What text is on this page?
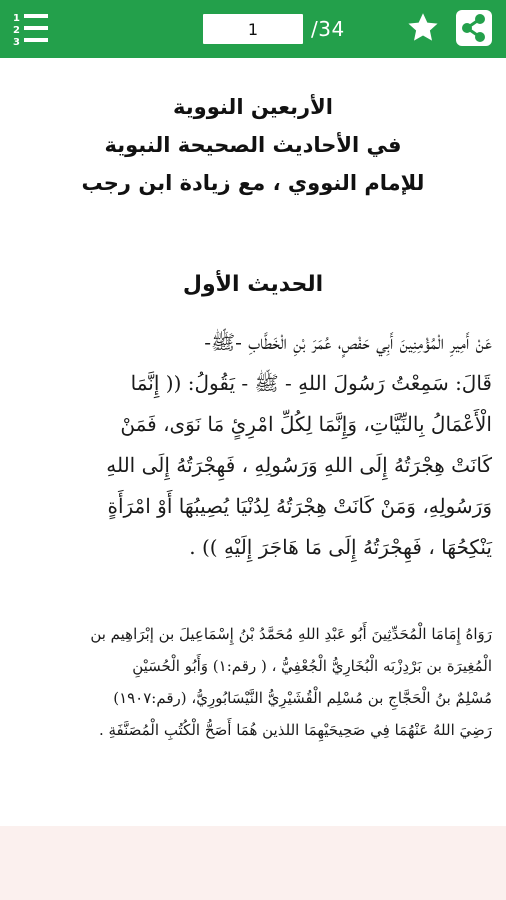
1
2
3
1
/34
الأربعين النووية
في الأحاديث الصحيحة النبوية
للإمام النووي ، مع زيادة ابن رجب
الحديث الأول
عَنْ أَمِيرِ الْمُؤْمِنِينَ أَبِي حَفْصٍ، عُمَرَ بْنِ الْخَطَّابِ -ﷺ-
قَالَ: سَمِعْتُ رَسُولَ اللهِ - ﷺ - يَقُولُ: (( إِنَّمَا
الْأَعْمَالُ بِالنِّيَّاتِ، وَإِنَّمَا لِكُلِّ امْرِئٍ مَا نَوَى، فَمَنْ
كَانَتْ هِجْرَتُهُ إِلَى اللهِ وَرَسُولِهِ ، فَهِجْرَتُهُ إِلَى اللهِ
وَرَسُولِهِ، وَمَنْ كَانَتْ هِجْرَتُهُ لِدُنْيَا يُصِيبُهَا أَوْ امْرَأَةٍ
يَنْكِحُهَا ، فَهِجْرَتُهُ إِلَى مَا هَاجَرَ إِلَيْهِ )) .
رَوَاهُ إِمَامَا الْمُحَدِّثِينَ أَبُو عَبْدِ اللهِ مُحَمَّدُ بْنُ إِسْمَاعِيلَ بن إبْرَاهِيم بن
الْمُغِيرَة بن بَرْدِزْبَه الْبُخَارِيُّ الْجُعْفِيُّ ، ( رقم:١) وَأَبُو الْحُسَيْنِ
مُسْلِمٌ بنُ الْحَجَّاجِ بن مُسْلِم الْقُشَيْرِيُّ النَّيْسَابُورِيُّ، (رقم:١٩٠٧)
رَضِيَ اللهُ عَنْهُمَا فِي صَحِيحَيْهِمَا اللذين هُمَا أَصَحُّ الْكُتُبِ الْمُصَنَّفَةِ .
